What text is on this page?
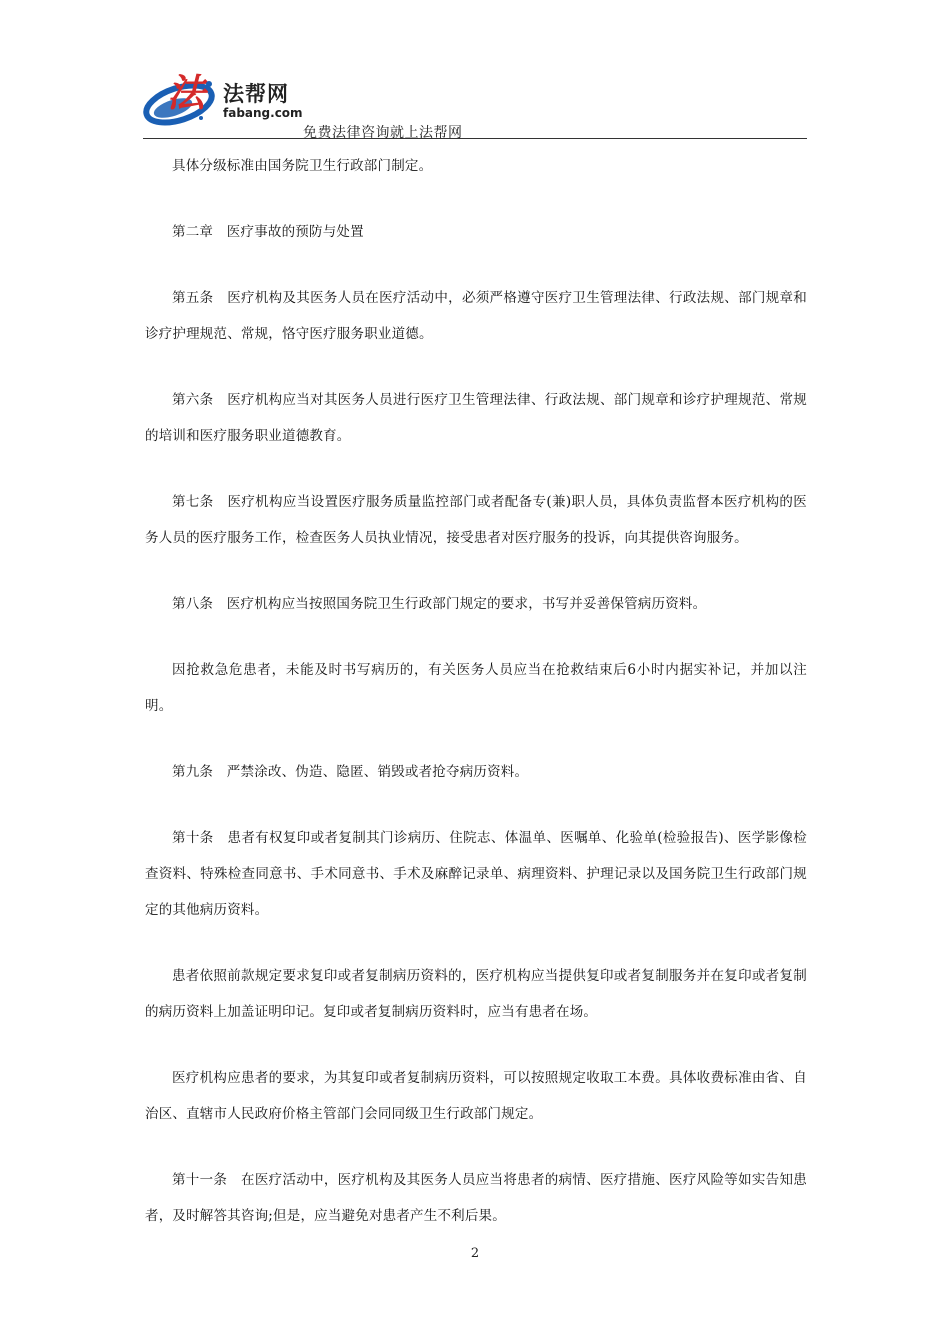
法 法帮网
fabang.com
免费法律咨询就上法帮网

具体分级标准由国务院卫生行政部门制定。

第二章　医疗事故的预防与处置

第五条　医疗机构及其医务人员在医疗活动中，必须严格遵守医疗卫生管理法律、行政法规、部门规章和诊疗护理规范、常规，恪守医疗服务职业道德。

第六条　医疗机构应当对其医务人员进行医疗卫生管理法律、行政法规、部门规章和诊疗护理规范、常规的培训和医疗服务职业道德教育。

第七条　医疗机构应当设置医疗服务质量监控部门或者配备专(兼)职人员，具体负责监督本医疗机构的医务人员的医疗服务工作，检查医务人员执业情况，接受患者对医疗服务的投诉，向其提供咨询服务。

第八条　医疗机构应当按照国务院卫生行政部门规定的要求，书写并妥善保管病历资料。

因抢救急危患者，未能及时书写病历的，有关医务人员应当在抢救结束后6小时内据实补记，并加以注明。

第九条　严禁涂改、伪造、隐匿、销毁或者抢夺病历资料。

第十条　患者有权复印或者复制其门诊病历、住院志、体温单、医嘱单、化验单(检验报告)、医学影像检查资料、特殊检查同意书、手术同意书、手术及麻醉记录单、病理资料、护理记录以及国务院卫生行政部门规定的其他病历资料。

患者依照前款规定要求复印或者复制病历资料的，医疗机构应当提供复印或者复制服务并在复印或者复制的病历资料上加盖证明印记。复印或者复制病历资料时，应当有患者在场。

医疗机构应患者的要求，为其复印或者复制病历资料，可以按照规定收取工本费。具体收费标准由省、自治区、直辖市人民政府价格主管部门会同同级卫生行政部门规定。

第十一条　在医疗活动中，医疗机构及其医务人员应当将患者的病情、医疗措施、医疗风险等如实告知患者，及时解答其咨询;但是，应当避免对患者产生不利后果。

2
